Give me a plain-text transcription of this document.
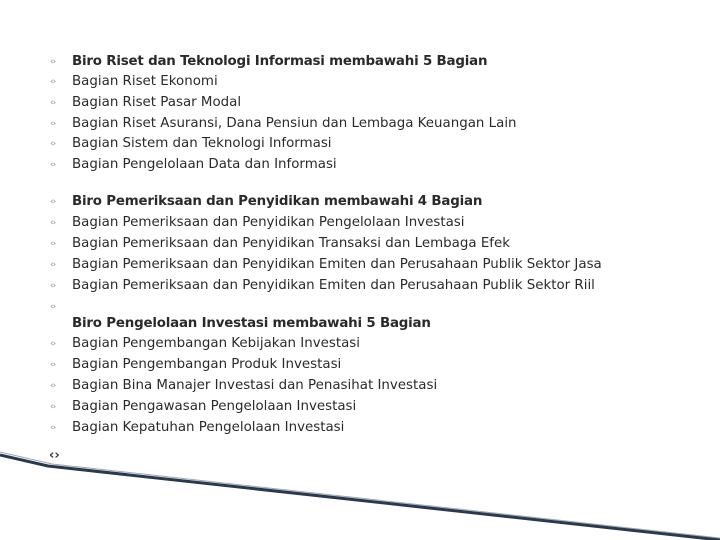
‹›
Biro Riset dan Teknologi Informasi membawahi 5 Bagian
‹›
Bagian Riset Ekonomi
‹›
Bagian Riset Pasar Modal
‹›
Bagian Riset Asuransi, Dana Pensiun dan Lembaga Keuangan Lain
‹›
Bagian Sistem dan Teknologi Informasi
‹›
Bagian Pengelolaan Data dan Informasi
‹›
Biro Pemeriksaan dan Penyidikan membawahi 4 Bagian
‹›
Bagian Pemeriksaan dan Penyidikan Pengelolaan Investasi
‹›
Bagian Pemeriksaan dan Penyidikan Transaksi dan Lembaga Efek
‹›
Bagian Pemeriksaan dan Penyidikan Emiten dan Perusahaan Publik Sektor Jasa
‹›
Bagian Pemeriksaan dan Penyidikan Emiten dan Perusahaan Publik Sektor Riil
‹›
Biro Pengelolaan Investasi membawahi 5 Bagian
‹›
Bagian Pengembangan Kebijakan Investasi
‹›
Bagian Pengembangan Produk Investasi
‹›
Bagian Bina Manajer Investasi dan Penasihat Investasi
‹›
Bagian Pengawasan Pengelolaan Investasi
‹›
Bagian Kepatuhan Pengelolaan Investasi
‹›
